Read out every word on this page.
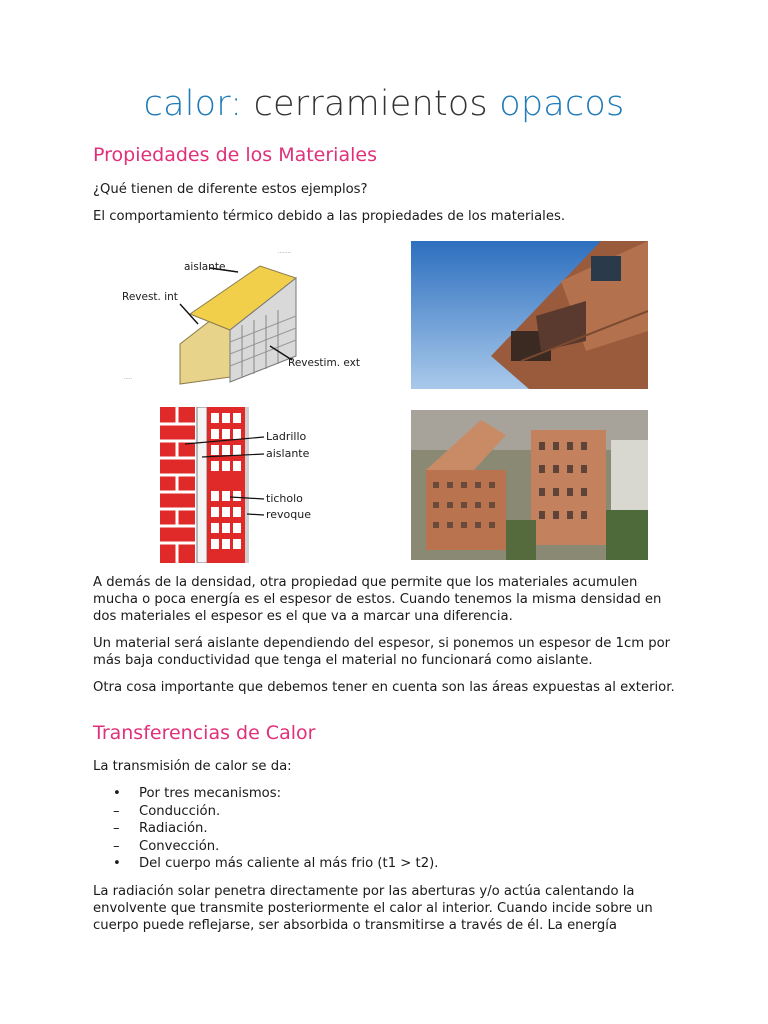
calor: cerramientos opacos
Propiedades de los Materiales
¿Qué tienen de diferente estos ejemplos?
El comportamiento térmico debido a las propiedades de los materiales.
········
·····
aislante
Revest. int
Revestim. ext
Ladrillo
aislante
ticholo
revoque
A demás de la densidad, otra propiedad que permite que los materiales acumulen mucha o poca energía es el espesor de estos. Cuando tenemos la misma densidad en dos materiales el espesor es el que va a marcar una diferencia.
Un material será aislante dependiendo del espesor, si ponemos un espesor de 1cm por más baja conductividad que tenga el material no funcionará como aislante.
Otra cosa importante que debemos tener en cuenta son las áreas expuestas al exterior.
Transferencias de Calor
La transmisión de calor se da:
•	Por tres mecanismos:
–	Conducción.
–	Radiación.
–	Convección.
•	Del cuerpo más caliente al más frio (t1 > t2).
La radiación solar penetra directamente por las aberturas y/o actúa calentando la envolvente que transmite posteriormente el calor al interior. Cuando incide sobre un cuerpo puede reflejarse, ser absorbida o transmitirse a través de él. La energía
